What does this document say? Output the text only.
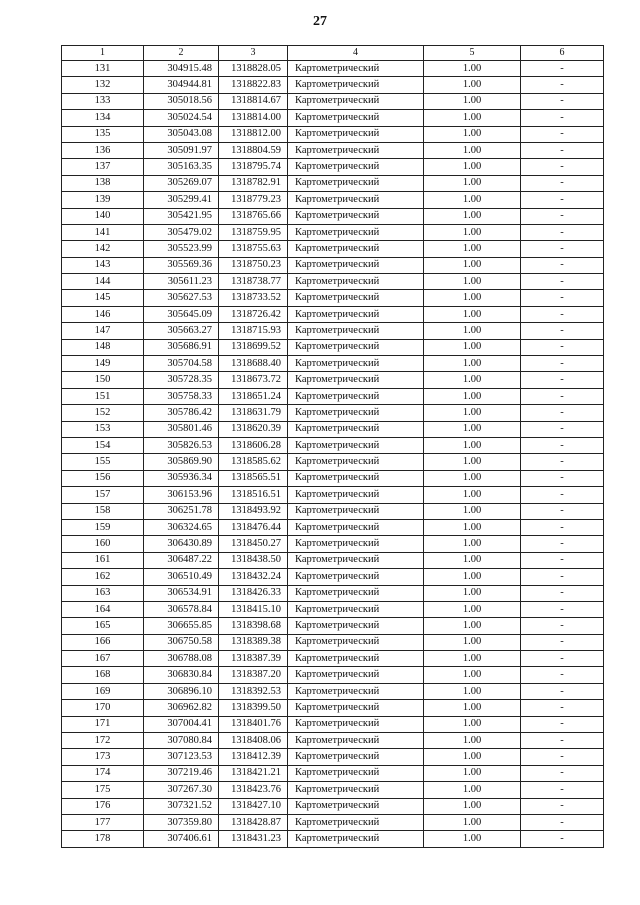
27
1	2	3	4	5	6
131	304915.48	1318828.05	Картометрический	1.00	-
132	304944.81	1318822.83	Картометрический	1.00	-
133	305018.56	1318814.67	Картометрический	1.00	-
134	305024.54	1318814.00	Картометрический	1.00	-
135	305043.08	1318812.00	Картометрический	1.00	-
136	305091.97	1318804.59	Картометрический	1.00	-
137	305163.35	1318795.74	Картометрический	1.00	-
138	305269.07	1318782.91	Картометрический	1.00	-
139	305299.41	1318779.23	Картометрический	1.00	-
140	305421.95	1318765.66	Картометрический	1.00	-
141	305479.02	1318759.95	Картометрический	1.00	-
142	305523.99	1318755.63	Картометрический	1.00	-
143	305569.36	1318750.23	Картометрический	1.00	-
144	305611.23	1318738.77	Картометрический	1.00	-
145	305627.53	1318733.52	Картометрический	1.00	-
146	305645.09	1318726.42	Картометрический	1.00	-
147	305663.27	1318715.93	Картометрический	1.00	-
148	305686.91	1318699.52	Картометрический	1.00	-
149	305704.58	1318688.40	Картометрический	1.00	-
150	305728.35	1318673.72	Картометрический	1.00	-
151	305758.33	1318651.24	Картометрический	1.00	-
152	305786.42	1318631.79	Картометрический	1.00	-
153	305801.46	1318620.39	Картометрический	1.00	-
154	305826.53	1318606.28	Картометрический	1.00	-
155	305869.90	1318585.62	Картометрический	1.00	-
156	305936.34	1318565.51	Картометрический	1.00	-
157	306153.96	1318516.51	Картометрический	1.00	-
158	306251.78	1318493.92	Картометрический	1.00	-
159	306324.65	1318476.44	Картометрический	1.00	-
160	306430.89	1318450.27	Картометрический	1.00	-
161	306487.22	1318438.50	Картометрический	1.00	-
162	306510.49	1318432.24	Картометрический	1.00	-
163	306534.91	1318426.33	Картометрический	1.00	-
164	306578.84	1318415.10	Картометрический	1.00	-
165	306655.85	1318398.68	Картометрический	1.00	-
166	306750.58	1318389.38	Картометрический	1.00	-
167	306788.08	1318387.39	Картометрический	1.00	-
168	306830.84	1318387.20	Картометрический	1.00	-
169	306896.10	1318392.53	Картометрический	1.00	-
170	306962.82	1318399.50	Картометрический	1.00	-
171	307004.41	1318401.76	Картометрический	1.00	-
172	307080.84	1318408.06	Картометрический	1.00	-
173	307123.53	1318412.39	Картометрический	1.00	-
174	307219.46	1318421.21	Картометрический	1.00	-
175	307267.30	1318423.76	Картометрический	1.00	-
176	307321.52	1318427.10	Картометрический	1.00	-
177	307359.80	1318428.87	Картометрический	1.00	-
178	307406.61	1318431.23	Картометрический	1.00	-
